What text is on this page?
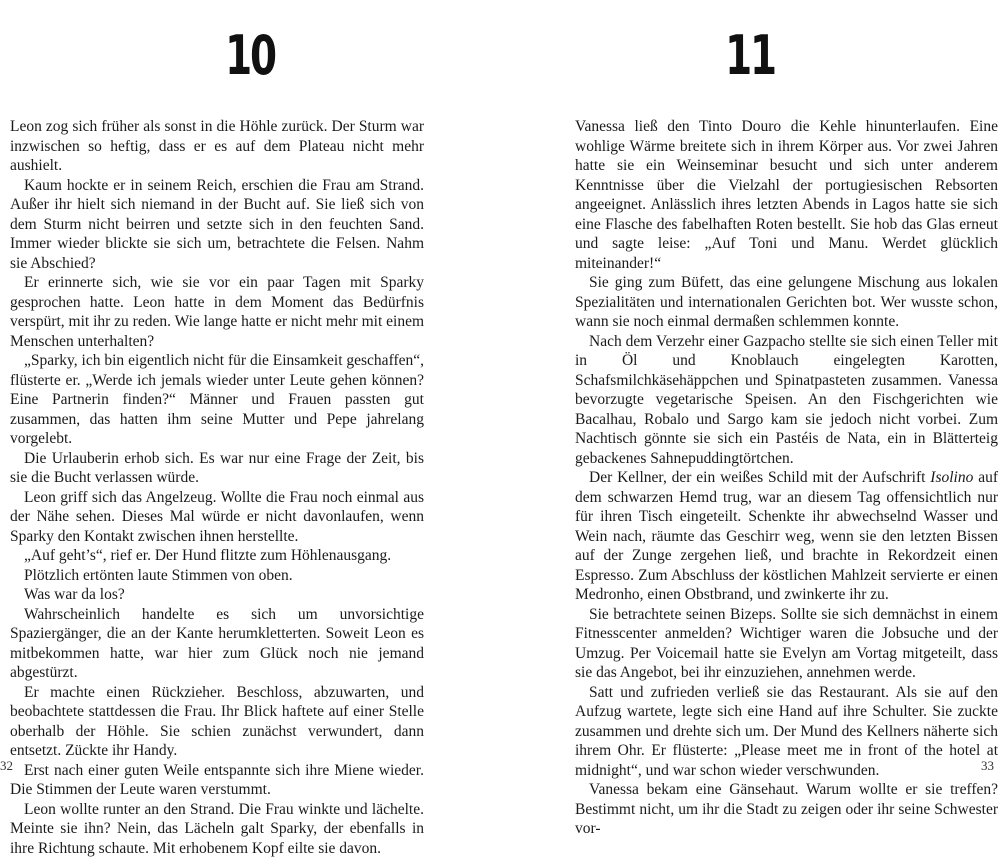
10

Leon zog sich früher als sonst in die Höhle zurück. Der Sturm war inzwischen so heftig, dass er es auf dem Plateau nicht mehr aushielt.

Kaum hockte er in seinem Reich, erschien die Frau am Strand. Außer ihr hielt sich niemand in der Bucht auf. Sie ließ sich von dem Sturm nicht beirren und setzte sich in den feuchten Sand. Immer wieder blickte sie sich um, betrachtete die Felsen. Nahm sie Abschied?

Er erinnerte sich, wie sie vor ein paar Tagen mit Sparky gesprochen hatte. Leon hatte in dem Moment das Bedürfnis verspürt, mit ihr zu reden. Wie lange hatte er nicht mehr mit einem Menschen unterhalten?

„Sparky, ich bin eigentlich nicht für die Einsamkeit geschaffen“, flüsterte er. „Werde ich jemals wieder unter Leute gehen können? Eine Partnerin finden?“ Männer und Frauen passten gut zusammen, das hatten ihm seine Mutter und Pepe jahrelang vorgelebt.

Die Urlauberin erhob sich. Es war nur eine Frage der Zeit, bis sie die Bucht verlassen würde.

Leon griff sich das Angelzeug. Wollte die Frau noch einmal aus der Nähe sehen. Dieses Mal würde er nicht davonlaufen, wenn Sparky den Kontakt zwischen ihnen herstellte.

„Auf geht’s“, rief er. Der Hund flitzte zum Höhlenausgang.

Plötzlich ertönten laute Stimmen von oben.

Was war da los?

Wahrscheinlich handelte es sich um unvorsichtige Spaziergänger, die an der Kante herumkletterten. Soweit Leon es mitbekommen hatte, war hier zum Glück noch nie jemand abgestürzt.

Er machte einen Rückzieher. Beschloss, abzuwarten, und beobachtete stattdessen die Frau. Ihr Blick haftete auf einer Stelle oberhalb der Höhle. Sie schien zunächst verwundert, dann entsetzt. Zückte ihr Handy.

Erst nach einer guten Weile entspannte sich ihre Miene wieder. Die Stimmen der Leute waren verstummt.

Leon wollte runter an den Strand. Die Frau winkte und lächelte. Meinte sie ihn? Nein, das Lächeln galt Sparky, der ebenfalls in ihre Richtung schaute. Mit erhobenem Kopf eilte sie davon.

32
11

Vanessa ließ den Tinto Douro die Kehle hinunterlaufen. Eine wohlige Wärme breitete sich in ihrem Körper aus. Vor zwei Jahren hatte sie ein Weinseminar besucht und sich unter anderem Kenntnisse über die Vielzahl der portugiesischen Rebsorten angeeignet. Anlässlich ihres letzten Abends in Lagos hatte sie sich eine Flasche des fabelhaften Roten bestellt. Sie hob das Glas erneut und sagte leise: „Auf Toni und Manu. Werdet glücklich miteinander!“

Sie ging zum Büfett, das eine gelungene Mischung aus lokalen Spezialitäten und internationalen Gerichten bot. Wer wusste schon, wann sie noch einmal dermaßen schlemmen konnte.

Nach dem Verzehr einer Gazpacho stellte sie sich einen Teller mit in Öl und Knoblauch eingelegten Karotten, Schafsmilchkäsehäppchen und Spinatpasteten zusammen. Vanessa bevorzugte vegetarische Speisen. An den Fischgerichten wie Bacalhau, Robalo und Sargo kam sie jedoch nicht vorbei. Zum Nachtisch gönnte sie sich ein Pastéis de Nata, ein in Blätterteig gebackenes Sahnepuddingtörtchen.

Der Kellner, der ein weißes Schild mit der Aufschrift Isolino auf dem schwarzen Hemd trug, war an diesem Tag offensichtlich nur für ihren Tisch eingeteilt. Schenkte ihr abwechselnd Wasser und Wein nach, räumte das Geschirr weg, wenn sie den letzten Bissen auf der Zunge zergehen ließ, und brachte in Rekordzeit einen Espresso. Zum Abschluss der köstlichen Mahlzeit servierte er einen Medronho, einen Obstbrand, und zwinkerte ihr zu.

Sie betrachtete seinen Bizeps. Sollte sie sich demnächst in einem Fitnesscenter anmelden? Wichtiger waren die Jobsuche und der Umzug. Per Voicemail hatte sie Evelyn am Vortag mitgeteilt, dass sie das Angebot, bei ihr einzuziehen, annehmen werde.

Satt und zufrieden verließ sie das Restaurant. Als sie auf den Aufzug wartete, legte sich eine Hand auf ihre Schulter. Sie zuckte zusammen und drehte sich um. Der Mund des Kellners näherte sich ihrem Ohr. Er flüsterte: „Please meet me in front of the hotel at midnight“, und war schon wieder verschwunden.

Vanessa bekam eine Gänsehaut. Warum wollte er sie treffen? Bestimmt nicht, um ihr die Stadt zu zeigen oder ihr seine Schwester vor-

33
